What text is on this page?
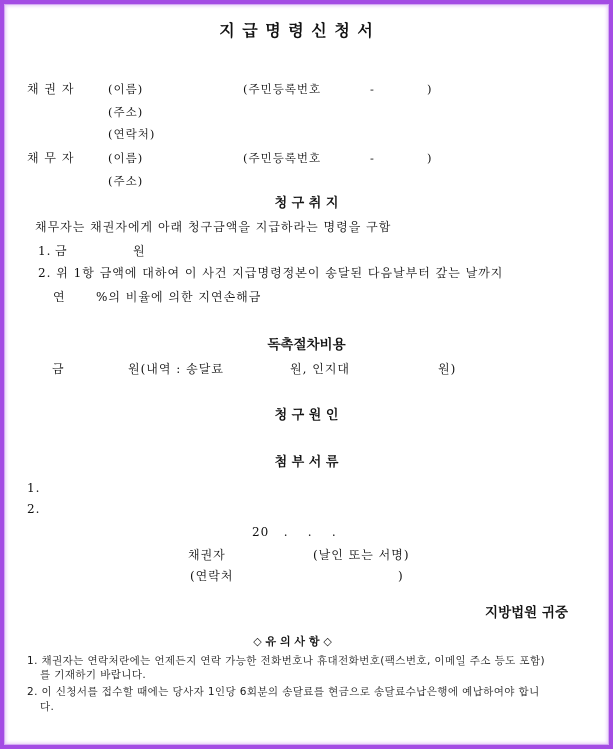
지 급 명 령 신 청 서
채 권 자	(이름)	(주민등록번호	-	)
(주소)
(연락처)
채 무 자	(이름)	(주민등록번호	-	)
(주소)
청 구 취 지
채무자는 채권자에게 아래 청구금액을 지급하라는 명령을 구함
1. 금	원
2. 위 1항 금액에 대하여 이 사건 지급명령정본이 송달된 다음날부터 갚는 날까지
연	%의 비율에 의한 지연손해금
독촉절차비용
금	원(내역 : 송달료	원, 인지대	원)
청 구 원 인
첨 부 서 류
1.
2.
20   .    .    .
채권자	(날인 또는 서명)
(연락처	)
지방법원 귀중
◇ 유 의 사 항 ◇
1. 채권자는 연락처란에는 언제든지 연락 가능한 전화번호나 휴대전화번호(팩스번호, 이메일 주소 등도 포함)
를 기재하기 바랍니다.
2. 이 신청서를 접수할 때에는 당사자 1인당 6회분의 송달료를 현금으로 송달료수납은행에 예납하여야 합니
다.
